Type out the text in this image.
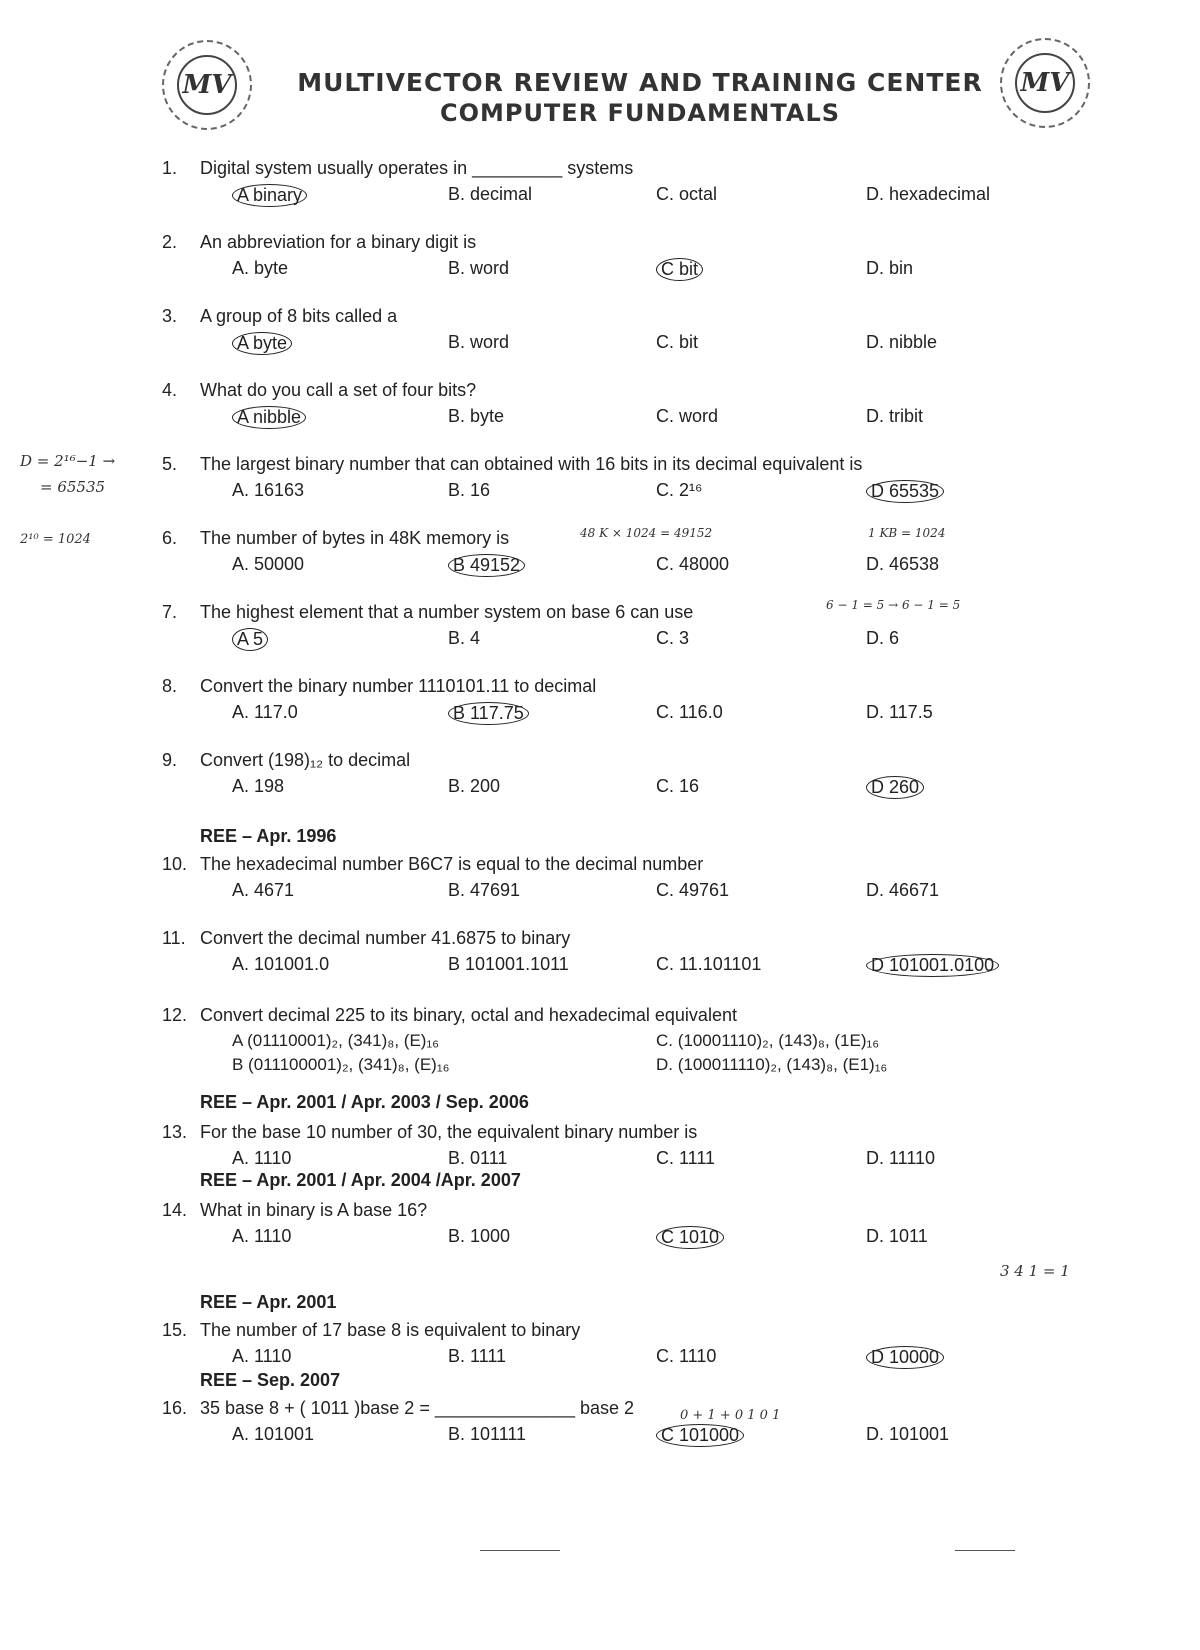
MV	MV
MULTIVECTOR REVIEW AND TRAINING CENTER
COMPUTER FUNDAMENTALS
1.	Digital system usually operates in _________ systems
A binary	B. decimal	C. octal	D. hexadecimal
2.	An abbreviation for a binary digit is
A. byte	B. word	C bit	D. bin
3.	A group of 8 bits called a
A byte	B. word	C. bit	D. nibble
4.	What do you call a set of four bits?
A nibble	B. byte	C. word	D. tribit
5.	The largest binary number that can obtained with 16 bits in its decimal equivalent is
A. 16163	B. 16	C. 2¹⁶	D 65535
6.	The number of bytes in 48K memory is
A. 50000	B 49152	C. 48000	D. 46538
7.	The highest element that a number system on base 6 can use
A 5	B. 4	C. 3	D. 6
8.	Convert the binary number 1110101.11 to decimal
A. 117.0	B 117.75	C. 116.0	D. 117.5
9.	Convert (198)₁₂ to decimal
A. 198	B. 200	C. 16	D 260
REE – Apr. 1996
10. The hexadecimal number B6C7 is equal to the decimal number
A. 4671	B. 47691	C. 49761	D. 46671
11. Convert the decimal number 41.6875 to binary
A. 101001.0	B 101001.1011	C. 11.101101	D 101001.0100
REE – Apr. 2001 / Apr. 2003 / Sep. 2006
13. For the base 10 number of 30, the equivalent binary number is
A. 1110	B. 0111	C. 1111	D. 11110
REE – Apr. 2001 / Apr. 2004 /Apr. 2007
14. What in binary is A base 16?
A. 1110	B. 1000	C 1010	D. 1011
REE – Apr. 2001
15. The number of 17 base 8 is equivalent to binary
A. 1110	B. 1111	C. 1110	D 10000
REE – Sep. 2007
16. 35 base 8 + ( 1011 )base 2 = ______________ base 2
A. 101001	B. 101111	C 101000	D. 101001
12. Convert decimal 225 to its binary, octal and hexadecimal equivalent
A (01110001)₂, (341)₈, (E)₁₆	C. (10001110)₂, (143)₈, (1E)₁₆
B (011100001)₂, (341)₈, (E)₁₆	D. (100011110)₂, (143)₈, (E1)₁₆
D = 2¹⁶−1 →
= 65535
2¹⁰ = 1024	48 K × 1024 = 49152	1 KB = 1024
6 − 1 = 5 → 6 − 1 = 5
0 + 1 + 0 1 0 1
3 4 1 = 1
